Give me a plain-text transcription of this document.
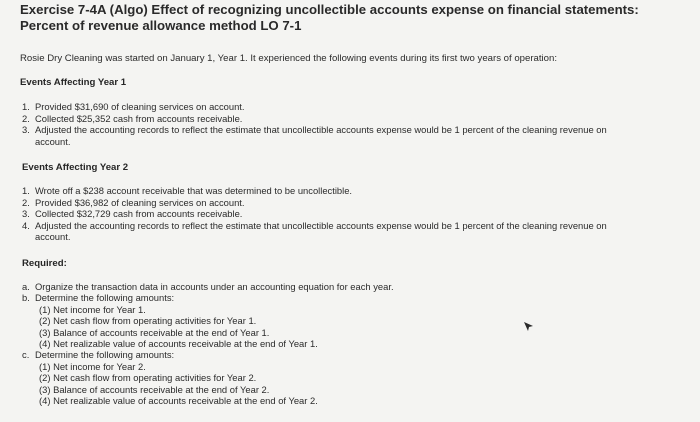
Exercise 7-4A (Algo) Effect of recognizing uncollectible accounts expense on financial statements: Percent of revenue allowance method LO 7-1
Rosie Dry Cleaning was started on January 1, Year 1. It experienced the following events during its first two years of operation:
Events Affecting Year 1
1. Provided $31,690 of cleaning services on account.
2. Collected $25,352 cash from accounts receivable.
3. Adjusted the accounting records to reflect the estimate that uncollectible accounts expense would be 1 percent of the cleaning revenue on account.
Events Affecting Year 2
1. Wrote off a $238 account receivable that was determined to be uncollectible.
2. Provided $36,982 of cleaning services on account.
3. Collected $32,729 cash from accounts receivable.
4. Adjusted the accounting records to reflect the estimate that uncollectible accounts expense would be 1 percent of the cleaning revenue on account.
Required:
a. Organize the transaction data in accounts under an accounting equation for each year.
b. Determine the following amounts:
(1) Net income for Year 1.
(2) Net cash flow from operating activities for Year 1.
(3) Balance of accounts receivable at the end of Year 1.
(4) Net realizable value of accounts receivable at the end of Year 1.
c. Determine the following amounts:
(1) Net income for Year 2.
(2) Net cash flow from operating activities for Year 2.
(3) Balance of accounts receivable at the end of Year 2.
(4) Net realizable value of accounts receivable at the end of Year 2.
